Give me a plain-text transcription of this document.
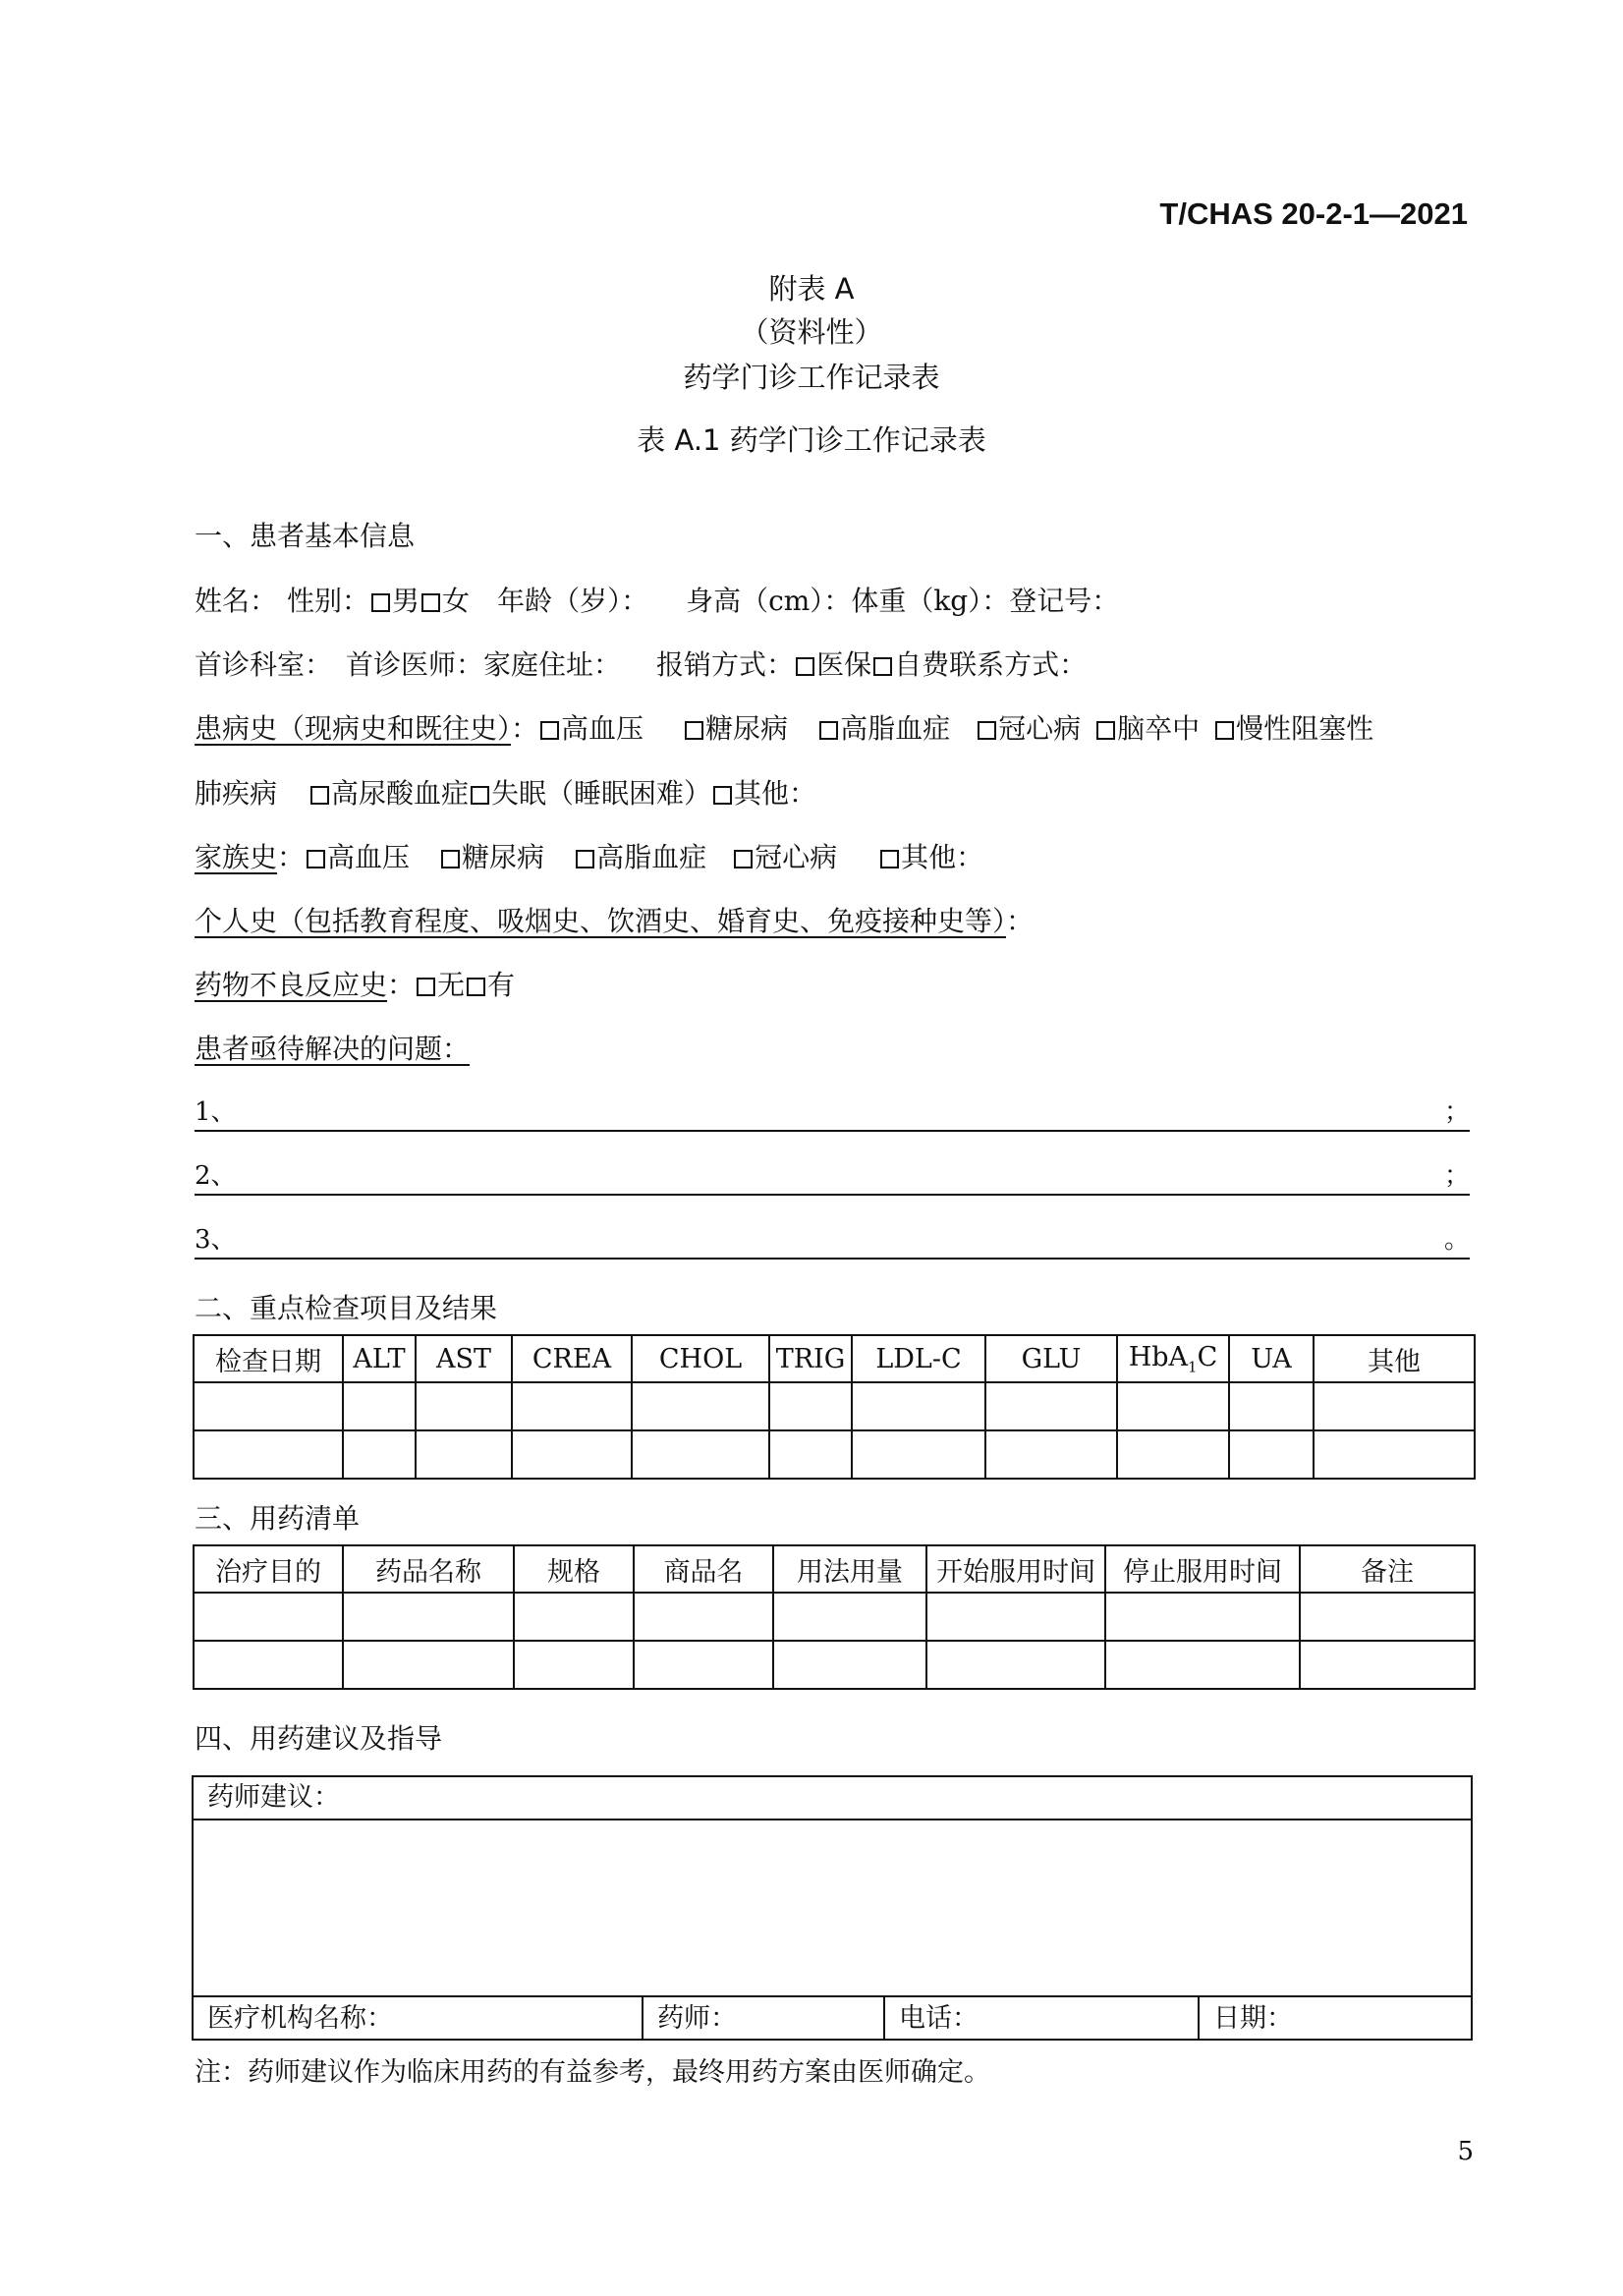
T/CHAS 20-2-1—2021
附表 A
（资料性）
药学门诊工作记录表
表 A.1 药学门诊工作记录表
一、患者基本信息
姓名： 性别： 男 女 年龄（岁）： 身高（cm）：体重（kg）：登记号：
首诊科室： 首诊医师：家庭住址： 报销方式： 医保 自费联系方式：
患病史（现病史和既往史）： 高血压 糖尿病 高脂血症 冠心病 脑卒中 慢性阻塞性
肺疾病 高尿酸血症 失眠（睡眠困难） 其他：
家族史： 高血压 糖尿病 高脂血症 冠心病 其他：
个人史（包括教育程度、吸烟史、饮酒史、婚育史、免疫接种史等）：
药物不良反应史： 无 有
患者亟待解决的问题：
1、	；
2、	；
3、	。
二、重点检查项目及结果
检查日期	ALT	AST	CREA	CHOL	TRIG	LDL-C	GLU	HbA$_1$C	UA	其他

三、用药清单
治疗目的	药品名称	规格	商品名	用法用量	开始服用时间	停止服用时间	备注

四、用药建议及指导
药师建议：
医疗机构名称：	药师：	电话：	日期：
注：药师建议作为临床用药的有益参考，最终用药方案由医师确定。
5
